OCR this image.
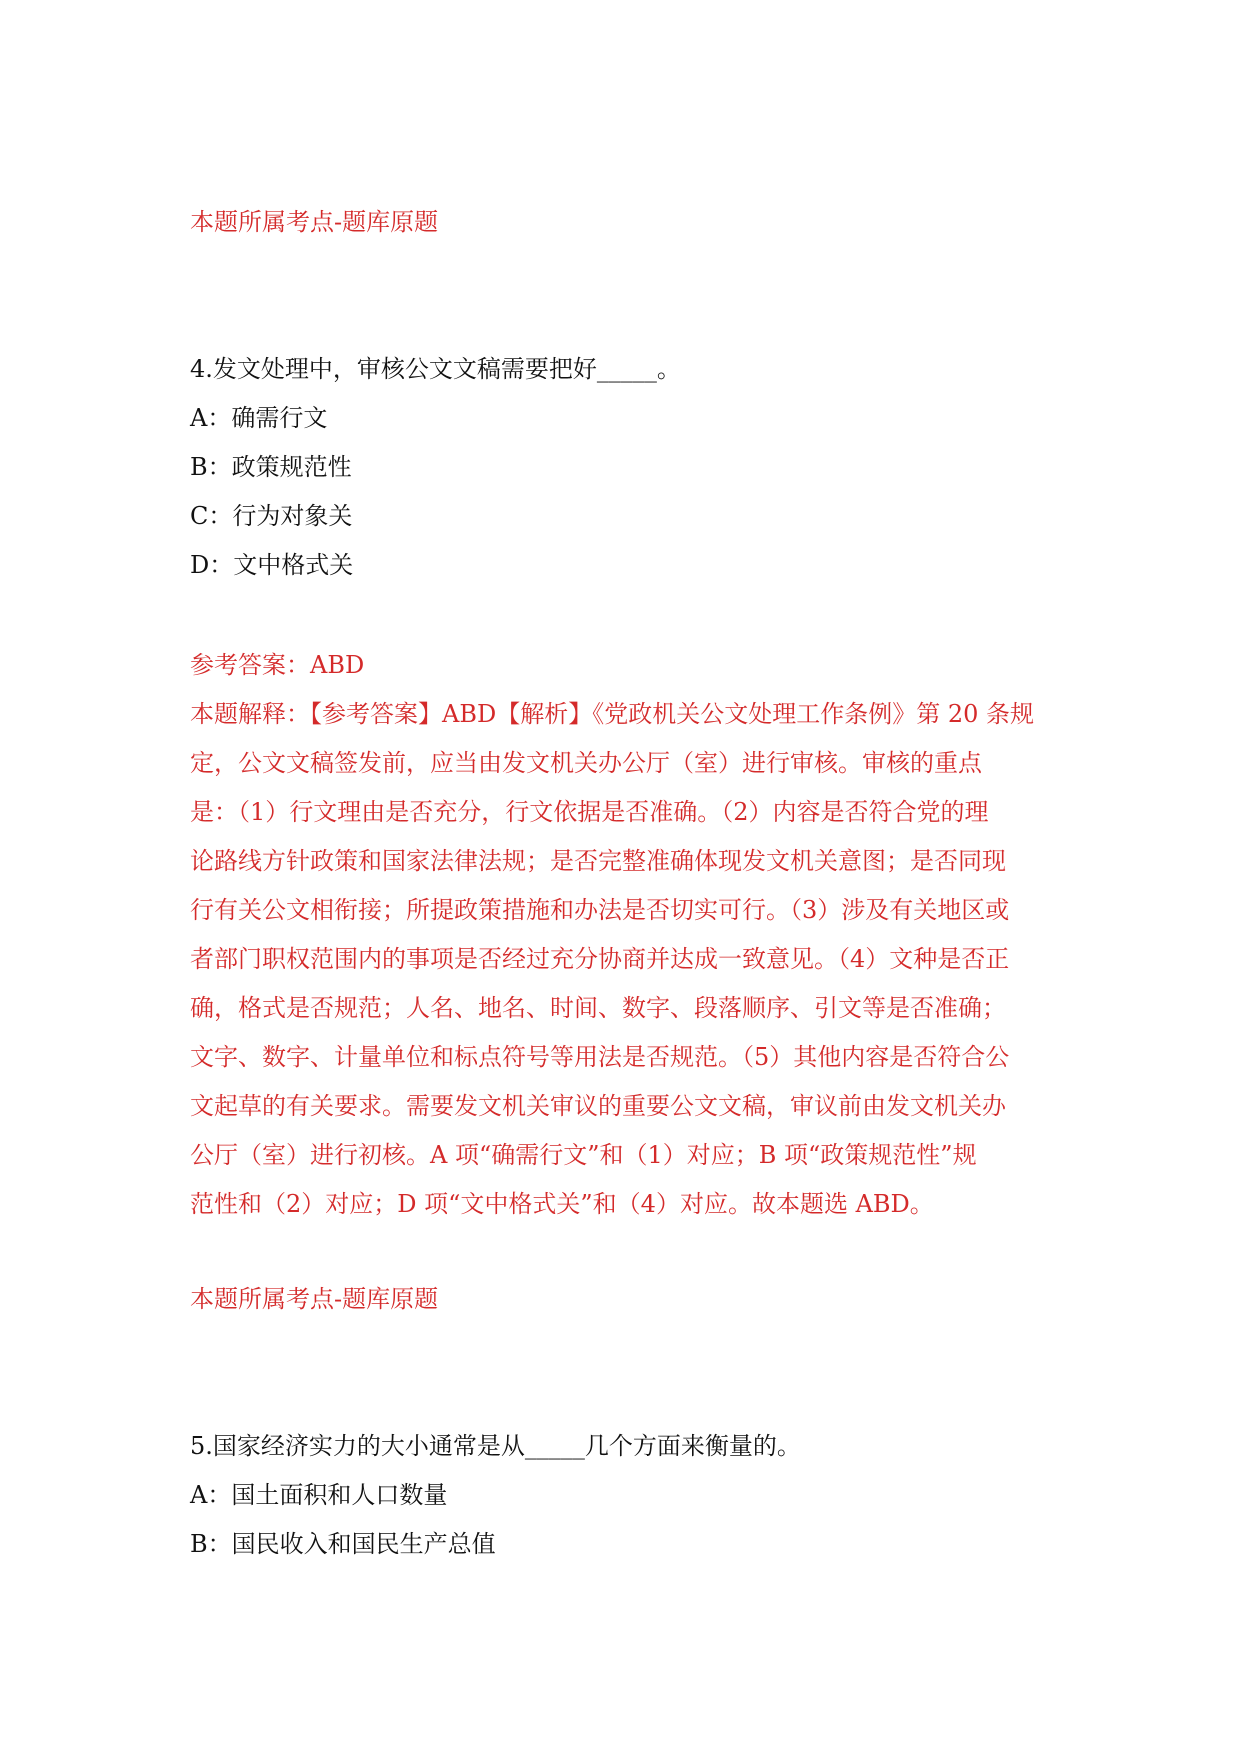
本题所属考点-题库原题
4.发文处理中，审核公文文稿需要把好_____。
A：确需行文
B：政策规范性
C：行为对象关
D：文中格式关
参考答案：ABD
本题解释：【参考答案】ABD【解析】《党政机关公文处理工作条例》第 20 条规
定，公文文稿签发前，应当由发文机关办公厅（室）进行审核。审核的重点
是：（1）行文理由是否充分，行文依据是否准确。（2）内容是否符合党的理
论路线方针政策和国家法律法规；是否完整准确体现发文机关意图；是否同现
行有关公文相衔接；所提政策措施和办法是否切实可行。（3）涉及有关地区或
者部门职权范围内的事项是否经过充分协商并达成一致意见。（4）文种是否正
确，格式是否规范；人名、地名、时间、数字、段落顺序、引文等是否准确；
文字、数字、计量单位和标点符号等用法是否规范。（5）其他内容是否符合公
文起草的有关要求。需要发文机关审议的重要公文文稿，审议前由发文机关办
公厅（室）进行初核。A 项“确需行文”和（1）对应；B 项“政策规范性”规
范性和（2）对应；D 项“文中格式关”和（4）对应。故本题选 ABD。
本题所属考点-题库原题
5.国家经济实力的大小通常是从_____几个方面来衡量的。
A：国土面积和人口数量
B：国民收入和国民生产总值
